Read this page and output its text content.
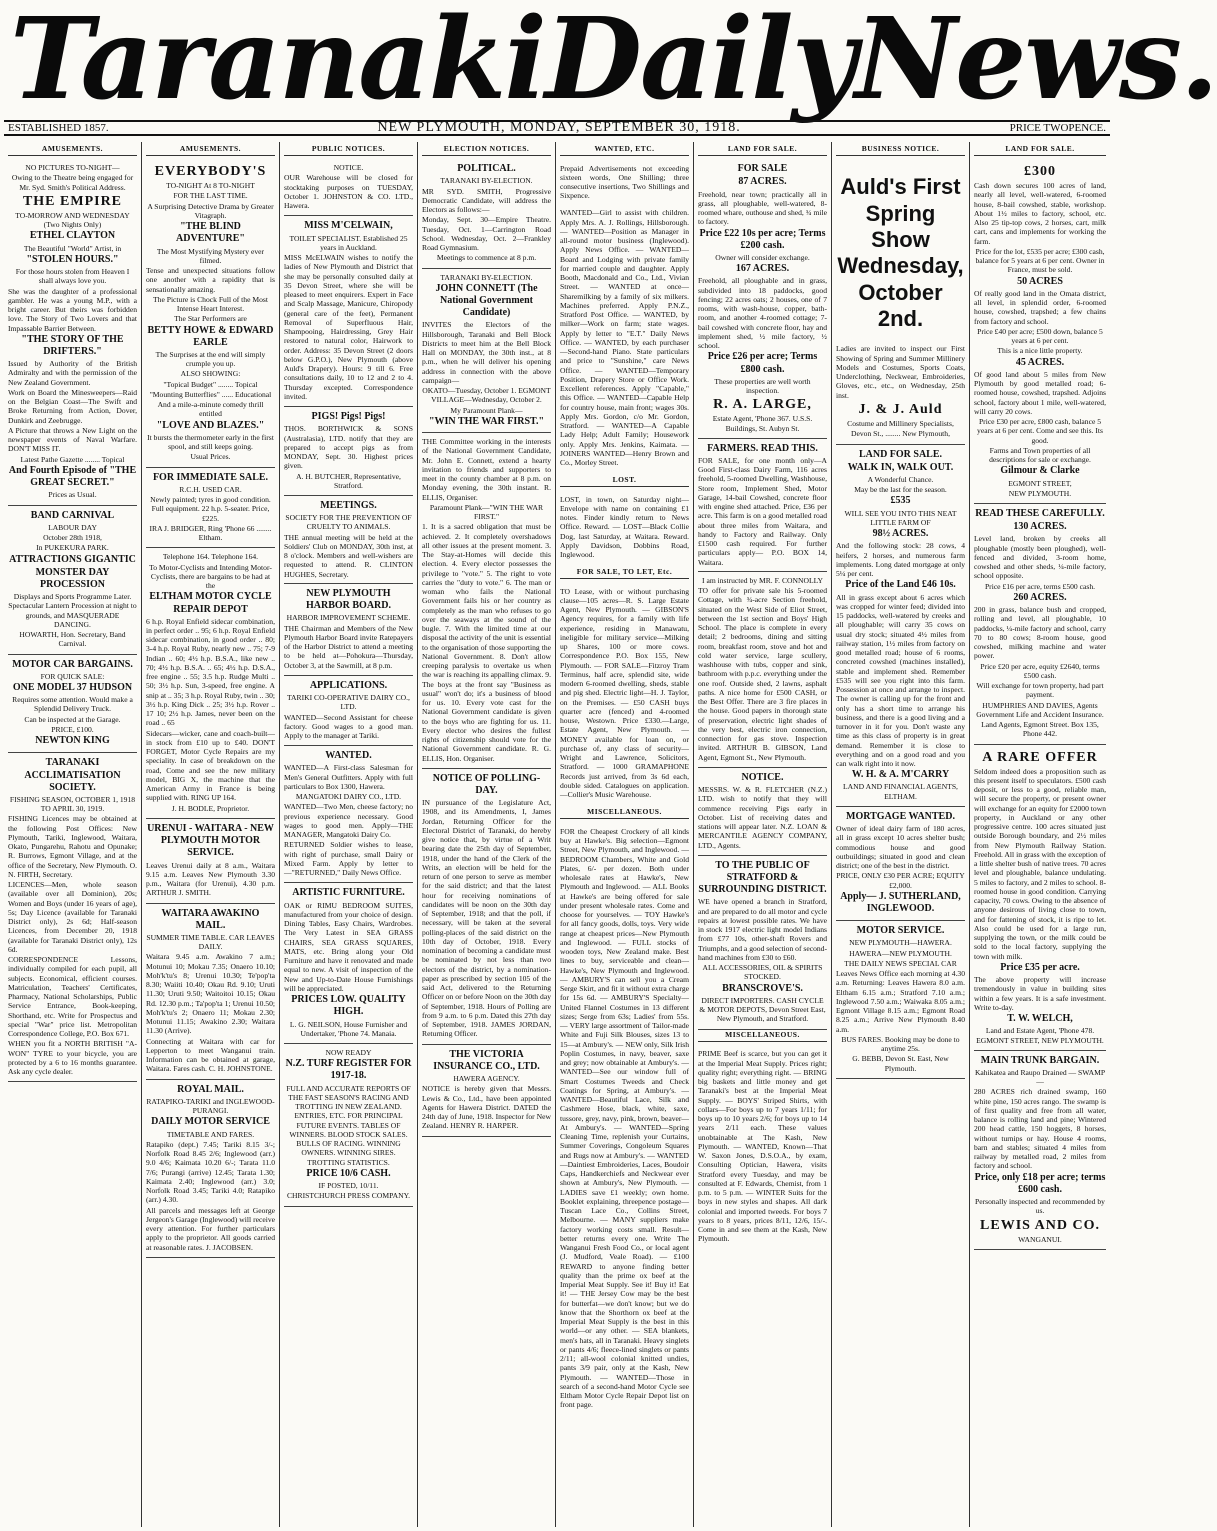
Taranaki Daily News.
ESTABLISHED 1857.	NEW PLYMOUTH, MONDAY, SEPTEMBER 30, 1918.	PRICE TWOPENCE.
AMUSEMENTS.

NO PICTURES TO-NIGHT—

Owing to the Theatre being engaged for Mr. Syd. Smith's Political Address.

THE EMPIRE

TO-MORROW AND WEDNESDAY (Two Nights Only)

ETHEL CLAYTON

The Beautiful "World" Artist, in

"STOLEN HOURS."

For those hours stolen from Heaven I shall always love you.

She was the daughter of a professional gambler. He was a young M.P., with a bright career. But theirs was forbidden love. The Story of Two Lovers and that Impassable Barrier Between.

"THE STORY OF THE DRIFTERS."

Issued by Authority of the British Admiralty and with the permission of the New Zealand Government.

Work on Board the Minesweepers—Raid on the Belgian Coast—The Swift and Broke Returning from Action, Dover, Dunkirk and Zeebrugge.

A Picture that throws a New Light on the newspaper events of Naval Warfare. DON'T MISS IT.

Latest Pathe Gazette ........ Topical

And Fourth Episode of "THE GREAT SECRET."

Prices as Usual.

BAND CARNIVAL

LABOUR DAY

October 28th 1918,

In PUKEKURA PARK.

ATTRACTIONS GIGANTIC

MONSTER DAY PROCESSION

Displays and Sports Programme Later. Spectacular Lantern Procession at night to grounds, and MASQUERADE DANCING.

HOWARTH, Hon. Secretary, Band Carnival.

MOTOR CAR BARGAINS.

FOR QUICK SALE:

ONE MODEL 37 HUDSON

Requires some attention. Would make a Splendid Delivery Truck.

Can be inspected at the Garage.

PRICE, £100.

NEWTON KING

TARANAKI ACCLIMATISATION SOCIETY.

FISHING SEASON, OCTOBER 1, 1918 TO APRIL 30, 1919.

FISHING Licences may be obtained at the following Post Offices: New Plymouth, Tariki, Inglewood, Waitara, Okato, Pungarehu, Rahotu and Opunake; R. Burrows, Egmont Village, and at the office of the Secretary, New Plymouth. O. N. FIRTH, Secretary.

LICENCES—Men, whole season (available over all Dominion), 20s; Women and Boys (under 16 years of age), 5s; Day Licence (available for Taranaki District only), 2s 6d; Half-season Licences, from December 20, 1918 (available for Taranaki District only), 12s 6d.

CORRESPONDENCE Lessons, individually compiled for each pupil, all subjects. Economical, efficient courses. Matriculation, Teachers' Certificates, Pharmacy, National Scholarships, Public Service Entrance, Book-keeping, Shorthand, etc. Write for Prospectus and special "War" price list. Metropolitan Correspondence College, P.O. Box 671.

WHEN you fit a NORTH BRITISH "A-WON" TYRE to your bicycle, you are protected by a 6 to 16 months guarantee. Ask any cycle dealer.

AMUSEMENTS.

EVERYBODY'S

TO-NIGHT At 8 TO-NIGHT

FOR THE LAST TIME.

A Surprising Detective Drama by Greater Vitagraph.

"THE BLIND ADVENTURE"

The Most Mystifying Mystery ever filmed.

Tense and unexpected situations follow one another with a rapidity that is sensationally amazing.

The Picture is Chock Full of the Most Intense Heart Interest.

The Star Performers are

BETTY HOWE & EDWARD EARLE

The Surprises at the end will simply crumple you up.

ALSO SHOWING:

"Topical Budget" ........ Topical

"Mounting Butterflies" ...... Educational

And a mile-a-minute comedy thrill entitled

"LOVE AND BLAZES."

It bursts the thermometer early in the first spool, and still keeps going.

Usual Prices.

FOR IMMEDIATE SALE.

R.C.H. USED CAR.

Newly painted; tyres in good condition. Full equipment. 22 h.p. 5-seater. Price, £225.

IRA J. BRIDGER, Ring 'Phone 66 ........ Eltham.

Telephone 164. Telephone 164.

To Motor-Cyclists and Intending Motor-Cyclists, there are bargains to be had at the

ELTHAM MOTOR CYCLE REPAIR DEPOT

6 h.p. Royal Enfield sidecar combination, in perfect order .. 95; 6 h.p. Royal Enfield sidecar combination, in good order .. 80; 3-4 h.p. Royal Ruby, nearly new .. 75; 7-9 Indian .. 60; 4½ h.p. B.S.A., like new .. 70; 4½ h.p. B.S.A. .. 65; 4½ h.p. D.S.A., free engine .. 55; 3.5 h.p. Rudge Multi .. 50; 3½ h.p. Sun, 3-speed, free engine. A snip at .. 35; 3 h.p. Royal Ruby, twin .. 30; 3½ h.p. King Dick .. 25; 3½ h.p. Rover .. 17 10; 2½ h.p. James, never been on the road .. 65

Sidecars—wicker, cane and coach-built—in stock from £10 up to £40. DON'T FORGET, Motor Cycle Repairs are my speciality. In case of breakdown on the road, Come and see the new military model, BIG X, the machine that the American Army in France is being supplied with. RING UP 164.

J. H. BODLE, Proprietor.

URENUI - WAITARA - NEW PLYMOUTH MOTOR SERVICE.

Leaves Urenui daily at 8 a.m., Waitara 9.15 a.m. Leaves New Plymouth 3.30 p.m., Waitara (for Urenui), 4.30 p.m. ARTHUR J. SMITH.

WAITARA AWAKINO MAIL.

SUMMER TIME TABLE. CAR LEAVES DAILY.

Waitara 9.45 a.m. Awakino 7 a.m.; Motunui 10; Mokau 7.35; Onaero 10.10; Moh'k'tu's 8; Urenui 10.30; Te'pop'ta 8.30; Waiiti 10.40; Okau Rd. 9.10; Uruti 11.30; Uruti 9.50; Waitoitoi 10.15; Okau Rd. 12.30 p.m.; Ta'pop'ta 1; Urenui 10.50; Moh'k'tu's 2; Onaero 11; Mokau 2.30; Motunui 11.15; Awakino 2.30; Waitara 11.30 (Arrive).

Connecting at Waitara with car for Lepperton to meet Wanganui train. Information can be obtained at garage, Waitara. Fares cash. C. H. JOHNSTONE.

ROYAL MAIL.

RATAPIKO-TARIKI and INGLEWOOD-PURANGI.

DAILY MOTOR SERVICE

TIMETABLE AND FARES.

Ratapiko (dept.) 7.45; Tariki 8.15 3/-; Norfolk Road 8.45 2/6; Inglewood (arr.) 9.0 4/6; Kaimata 10.20 6/-; Tarata 11.0 7/6; Purangi (arrive) 12.45; Tarata 1.30; Kaimata 2.40; Inglewood (arr.) 3.0; Norfolk Road 3.45; Tariki 4.0; Ratapiko (arr.) 4.30.

All parcels and messages left at George Jergeon's Garage (Inglewood) will receive every attention. For further particulars apply to the proprietor. All goods carried at reasonable rates. J. JACOBSEN.

PUBLIC NOTICES.

NOTICE.

OUR Warehouse will be closed for stocktaking purposes on TUESDAY, October 1. JOHNSTON & CO. LTD., Hawera.

MISS M'CELWAIN,

TOILET SPECIALIST. Established 25 years in Auckland.

MISS McELWAIN wishes to notify the ladies of New Plymouth and District that she may be personally consulted daily at 35 Devon Street, where she will be pleased to meet enquirers. Expert in Face and Scalp Massage, Manicure, Chiropody (general care of the feet), Permanent Removal of Superfluous Hair, Shampooing, Hairdressing, Grey Hair restored to natural color, Hairwork to order. Address: 35 Devon Street (2 doors below G.P.O.), New Plymouth (above Auld's Drapery). Hours: 9 till 6. Free consultations daily, 10 to 12 and 2 to 4. Thursday excepted. Correspondence invited.

PIGS! Pigs! Pigs!

THOS. BORTHWICK & SONS (Australasia), LTD. notify that they are prepared to accept pigs as from MONDAY, Sept. 30. Highest prices given.

A. H. BUTCHER, Representative, Stratford.

MEETINGS.

SOCIETY FOR THE PREVENTION OF CRUELTY TO ANIMALS.

THE annual meeting will be held at the Soldiers' Club on MONDAY, 30th inst, at 8 o'clock. Members and well-wishers are requested to attend. R. CLINTON HUGHES, Secretary.

NEW PLYMOUTH HARBOR BOARD.

HARBOR IMPROVEMENT SCHEME.

THE Chairman and Members of the New Plymouth Harbor Board invite Ratepayers of the Harbor District to attend a meeting to be held at—Pohokura—Thursday, October 3, at the Sawmill, at 8 p.m.

APPLICATIONS.

TARIKI CO-OPERATIVE DAIRY CO., LTD.

WANTED—Second Assistant for cheese factory. Good wages to a good man. Apply to the manager at Tariki.

WANTED.

WANTED—A First-class Salesman for Men's General Outfitters. Apply with full particulars to Box 1300, Hawera.

MANGATOKI DAIRY CO., LTD.

WANTED—Two Men, cheese factory; no previous experience necessary. Good wages to good men. Apply—THE MANAGER, Mangatoki Dairy Co.

RETURNED Soldier wishes to lease, with right of purchase, small Dairy or Mixed Farm. Apply by letter to—"RETURNED," Daily News Office.

ARTISTIC FURNITURE.

OAK or RIMU BEDROOM SUITES, manufactured from your choice of design. Dining Tables, Easy Chairs, Wardrobes. The Very Latest in SEA GRASS CHAIRS, SEA GRASS SQUARES, MATS, etc. Bring along your Old Furniture and have it renovated and made equal to new. A visit of inspection of the New and Up-to-Date House Furnishings will be appreciated.

PRICES LOW. QUALITY HIGH.

L. G. NEILSON, House Furnisher and Undertaker, 'Phone 74. Manaia.

NOW READY

N.Z. TURF REGISTER FOR 1917-18.

FULL AND ACCURATE REPORTS OF THE FAST SEASON'S RACING AND TROTTING IN NEW ZEALAND. ENTRIES, ETC. FOR PRINCIPAL FUTURE EVENTS. TABLES OF WINNERS. BLOOD STOCK SALES. BULLS OF RACING. WINNING OWNERS. WINNING SIRES. TROTTING STATISTICS.

PRICE 10/6 CASH.

IF POSTED, 10/11.

CHRISTCHURCH PRESS COMPANY.

ELECTION NOTICES.

POLITICAL.

TARANAKI BY-ELECTION.

MR SYD. SMITH, Progressive Democratic Candidate, will address the Electors as follows:—

Monday, Sept. 30—Empire Theatre. Tuesday, Oct. 1—Carrington Road School. Wednesday, Oct. 2—Frankley Road Gymnasium.

Meetings to commence at 8 p.m.

TARANAKI BY-ELECTION.

JOHN CONNETT (The National Government Candidate)

INVITES the Electors of the Hillsborough, Taranaki and Bell Block Districts to meet him at the Bell Block Hall on MONDAY, the 30th inst., at 8 p.m., when he will deliver his opening address in connection with the above campaign—

OKATO—Tuesday, October 1. EGMONT VILLAGE—Wednesday, October 2.

My Paramount Plank—

"WIN THE WAR FIRST."

THE Committee working in the interests of the National Government Candidate, Mr. John E. Connett, extend a hearty invitation to friends and supporters to meet in the county chamber at 8 p.m. on Monday evening, the 30th instant. R. ELLIS, Organiser.

Paramount Plank—"WIN THE WAR FIRST."

1. It is a sacred obligation that must be achieved. 2. It completely overshadows all other issues at the present moment. 3. The Stay-at-Homes will decide this election. 4. Every elector possesses the privilege to "vote." 5. The right to vote carries the "duty to vote." 6. The man or woman who fails the National Government fails his or her country as completely as the man who refuses to go over the seaways at the sound of the bugle. 7. With the limited time at our disposal the activity of the unit is essential to the organisation of those supporting the National Government. 8. Don't allow creeping paralysis to overtake us when the war is reaching its appalling climax. 9. The boys at the front say "Business as usual" won't do; it's a business of blood for us. 10. Every vote cast for the National Government candidate is given to the boys who are fighting for us. 11. Every elector who desires the fullest rights of citizenship should vote for the National Government candidate. R. G. ELLIS, Hon. Organiser.

NOTICE OF POLLING-DAY.

IN pursuance of the Legislature Act, 1908, and its Amendments, I, James Jordan, Returning Officer for the Electoral District of Taranaki, do hereby give notice that, by virtue of a Writ bearing date the 25th day of September, 1918, under the hand of the Clerk of the Writs, an election will be held for the return of one person to serve as member for the said district; and that the latest hour for receiving nominations of candidates will be noon on the 30th day of September, 1918; and that the poll, if necessary, will be taken at the several polling-places of the said district on the 10th day of October, 1918. Every nomination of becoming a candidate must be nominated by not less than two electors of the district, by a nomination-paper as prescribed by section 105 of the said Act, delivered to the Returning Officer on or before Noon on the 30th day of September, 1918. Hours of Polling are from 9 a.m. to 6 p.m. Dated this 27th day of September, 1918. JAMES JORDAN, Returning Officer.

THE VICTORIA INSURANCE CO., LTD.

HAWERA AGENCY.

NOTICE is hereby given that Messrs. Lewis & Co., Ltd., have been appointed Agents for Hawera District. DATED the 24th day of June, 1918. Inspector for New Zealand. HENRY R. HARPER.

WANTED, ETC.

Prepaid Advertisements not exceeding sixteen words, One Shilling; three consecutive insertions, Two Shillings and Sixpence.

WANTED—Girl to assist with children. Apply Mrs. A. J. Rollings, Hillsborough. — WANTED—Position as Manager in all-round motor business (Inglewood). Apply News Office. — WANTED—Board and Lodging with private family for married couple and daughter. Apply Booth, Macdonald and Co., Ltd., Vivian Street. — WANTED at once—Sharemilking by a family of six milkers. Machines preferred. Apply P.N.Z., Stratford Post Office. — WANTED, by milker—Work on farm; state wages. Apply by letter to "E.T." Daily News Office. — WANTED, by each purchaser—Second-hand Piano. State particulars and price to "Sunshine," care News Office. — WANTED—Temporary Position, Drapery Store or Office Work. Excellent references. Apply "Capable," this Office. — WANTED—Capable Help for country house, main front; wages 30s. Apply Mrs. Gordon, c/o Mr. Gordon, Stratford. — WANTED—A Capable Lady Help; Adult Family; Housework only. Apply Mrs. Jenkins, Kaimata. — JOINERS WANTED—Henry Brown and Co., Morley Street.

LOST.

LOST, in town, on Saturday night—Envelope with name on containing £1 notes. Finder kindly return to News Office. Reward. — LOST—Black Collie Dog, last Saturday, at Waitara. Reward. Apply Davidson, Dobbins Road, Inglewood.

FOR SALE, TO LET, Etc.

TO Lease, with or without purchasing clause—105 acres—R. S. Large Estate Agent, New Plymouth. — GIBSON'S Agency requires, for a family with life experience, residing in Manawatu, ineligible for military service—Milking up Shares, 100 or more cows. Correspondence P.O. Box 155, New Plymouth. — FOR SALE—Fitzroy Tram Terminus, half acre, splendid site, wide modern 6-roomed dwelling, sheds, stable and pig shed. Electric light—H. J. Taylor, on the Premises. — £50 CASH buys quarter acre (fenced) and 4-roomed house, Westown. Price £330.—Large, Estate Agent, New Plymouth. — MONEY available for loan on, or purchase of, any class of security—Wright and Lawrence, Solicitors, Stratford. — 1000 GRAMAPHONE Records just arrived, from 3s 6d each, double sided. Catalogues on application.—Collier's Music Warehouse.

MISCELLANEOUS.

FOR the Cheapest Crockery of all kinds buy at Hawke's. Big selection—Egmont Street, New Plymouth, and Inglewood. — BEDROOM Chambers, White and Gold Plates, 6/- per dozen. Both under wholesale rates at Hawke's, New Plymouth and Inglewood. — ALL Books at Hawke's are being offered for sale under present wholesale rates. Come and choose for yourselves. — TOY Hawke's for all fancy goods, dolls, toys. Very wide range at cheapest prices—New Plymouth and Inglewood. — FULL stocks of wooden toys, New Zealand make. Best lines to buy, serviceable and clean—Hawke's, New Plymouth and Inglewood. — AMBURY'S can sell you a Cream Serge Skirt, and fit it without extra charge for 15s 6d. — AMBURY'S Specialty—United Flannel Costumes in 13 different sizes; Serge from 63s; Ladies' from 55s. — VERY large assortment of Tailor-made White and Fuji Silk Blouses, sizes 13 to 15—at Ambury's. — NEW only, Silk Irish Poplin Costumes, in navy, beaver, saxe and grey; now obtainable at Ambury's. — WANTED—See our window full of Smart Costumes Tweeds and Check Coatings for Spring, at Ambury's. — WANTED—Beautiful Lace, Silk and Cashmere Hose, black, white, saxe, tussore, grey, navy, pink, brown, beaver—At Ambury's. — WANTED—Spring Cleaning Time, replenish your Curtains, Summer Coverings, Congoleum Squares and Rugs now at Ambury's. — WANTED—Daintiest Embroideries, Laces, Boudoir Caps, Handkerchiefs and Neckwear ever shown at Ambury's, New Plymouth. — LADIES save £1 weekly; own home. Booklet explaining, threepence postage—Tuscan Lace Co., Collins Street, Melbourne. — MANY suppliers make factory working costs small. Result—better returns every one. Write The Wanganui Fresh Food Co., or local agent (J. Mudford, Veale Road). — £100 REWARD to anyone finding better quality than the prime ox beef at the Imperial Meat Supply. See it! Buy it! Eat it! — THE Jersey Cow may be the best for butterfat—we don't know; but we do know that the Shorthorn ox beef at the Imperial Meat Supply is the best in this world—or any other. — SEA blankets, men's hats, all in Taranaki. Heavy singlets or pants 4/6; fleece-lined singlets or pants 2/11; all-wool colonial knitted undies, pants 3/9 pair, only at the Kash, New Plymouth. — WANTED—Those in search of a second-hand Motor Cycle see Eltham Motor Cycle Repair Depot list on front page.

LAND FOR SALE.

FOR SALE

87 ACRES.

Freehold, near town; practically all in grass, all ploughable, well-watered, 8-roomed whare, outhouse and shed, ¾ mile to factory.

Price £22 10s per acre; Terms £200 cash.

Owner will consider exchange.

167 ACRES.

Freehold, all ploughable and in grass, subdivided into 18 paddocks, good fencing; 22 acres oats; 2 houses, one of 7 rooms, with wash-house, copper, bath-room, and another 4-roomed cottage; 7-bail cowshed with concrete floor, hay and implement shed, ½ mile factory, ½ school.

Price £26 per acre; Terms £800 cash.

These properties are well worth inspection.

R. A. LARGE,

Estate Agent, 'Phone 367. U.S.S. Buildings, St. Aubyn St.

FARMERS. READ THIS.

FOR SALE, for one month only—A Good First-class Dairy Farm, 116 acres freehold, 5-roomed Dwelling, Washhouse, Store room, Implement Shed, Motor Garage, 14-bail Cowshed, concrete floor with engine shed attached. Price, £36 per acre. This farm is on a good metalled road about three miles from Waitara, and handy to Factory and Railway. Only £1500 cash required. For further particulars apply— P.O. BOX 14, Waitara.

I am instructed by MR. F. CONNOLLY

TO offer for private sale his 5-roomed Cottage, with ¾-acre Section freehold, situated on the West Side of Eliot Street, between the 1st section and Boys' High School. The place is complete in every detail; 2 bedrooms, dining and sitting room, breakfast room, stove and hot and cold water service, large scullery, washhouse with tubs, copper and sink, bathroom with p.p.c. everything under the one roof. Outside shed, 2 lawns, asphalt paths. A nice home for £500 CASH, or the Best Offer. There are 3 fire places in the house. Good papers in thorough state of preservation, electric light shades of the very best, electric iron connection, connection for gas stove. Inspection invited. ARTHUR B. GIBSON, Land Agent, Egmont St., New Plymouth.

NOTICE.

MESSRS. W. & R. FLETCHER (N.Z.) LTD. wish to notify that they will commence receiving Pigs early in October. List of receiving dates and stations will appear later. N.Z. LOAN & MERCANTILE AGENCY COMPANY, LTD., Agents.

TO THE PUBLIC OF STRATFORD & SURROUNDING DISTRICT.

WE have opened a branch in Stratford, and are prepared to do all motor and cycle repairs at lowest possible rates. We have in stock 1917 electric light model Indians from £77 10s, other-shaft Rovers and Triumphs, and a good selection of second-hand machines from £30 to £60.

ALL ACCESSORIES, OIL & SPIRITS STOCKED.

BRANSCROVE'S.

DIRECT IMPORTERS. CASH CYCLE & MOTOR DEPOTS, Devon Street East, New Plymouth, and Stratford.

MISCELLANEOUS.

PRIME Beef is scarce, but you can get it at the Imperial Meat Supply. Prices right; quality right; everything right. — BRING big baskets and little money and get Taranaki's best at the Imperial Meat Supply. — BOYS' Striped Shirts, with collars—For boys up to 7 years 1/11; for boys up to 10 years 2/6; for boys up to 14 years 2/11 each. These values unobtainable at The Kash, New Plymouth. — WANTED, Known—That W. Saxon Jones, D.S.O.A., by exam, Consulting Optician, Hawera, visits Stratford every Tuesday, and may be consulted at F. Edwards, Chemist, from 1 p.m. to 5 p.m. — WINTER Suits for the boys in new styles and shapes. All dark colonial and imported tweeds. For boys 7 years to 8 years, prices 8/11, 12/6, 15/-. Come in and see them at the Kash, New Plymouth.

BUSINESS NOTICE.
Auld's First Spring Show Wednesday, October 2nd.

Ladies are invited to inspect our First Showing of Spring and Summer Millinery Models and Costumes, Sports Coats, Underclothing, Neckwear, Embroideries, Gloves, etc., etc., on Wednesday, 25th inst.

J. & J. Auld

Costume and Millinery Specialists,

Devon St., ........ New Plymouth,

LAND FOR SALE.

WALK IN, WALK OUT.

A Wonderful Chance.

May be the last for the season.

£535

WILL SEE YOU INTO THIS NEAT LITTLE FARM OF

98½ ACRES.

And the following stock: 28 cows, 4 heifers, 2 horses, and numerous farm implements. Long dated mortgage at only 5¼ per cent.

Price of the Land £46 10s.

All in grass except about 6 acres which was cropped for winter feed; divided into 15 paddocks, well-watered by creeks and all ploughable; will carry 35 cows on usual dry stock; situated 4½ miles from railway station, 1½ miles from factory on good metalled road; house of 6 rooms, concreted cowshed (machines installed), stable and implement shed. Remember £535 will see you right into this farm. Possession at once and arrange to inspect. The owner is calling up for the front and only has a short time to arrange his business, and there is a good living and a turnover in it for you. Don't waste any time as this class of property is in great demand. Remember it is close to everything and on a good road and you can walk right into it now.

W. H. & A. M'CARRY

LAND AND FINANCIAL AGENTS, ELTHAM.

MORTGAGE WANTED.

Owner of ideal dairy farm of 180 acres, all in grass except 10 acres shelter bush; commodious house and good outbuildings; situated in good and clean district; one of the best in the district.

PRICE, ONLY £30 PER ACRE; EQUITY £2,000.

Apply— J. SUTHERLAND, INGLEWOOD.

MOTOR SERVICE.

NEW PLYMOUTH—HAWERA.

HAWERA—NEW PLYMOUTH.

THE DAILY NEWS SPECIAL CAR

Leaves News Office each morning at 4.30 a.m. Returning: Leaves Hawera 8.0 a.m. Eltham 6.15 a.m.; Stratford 7.10 a.m.; Inglewood 7.50 a.m.; Waiwaka 8.05 a.m.; Egmont Village 8.15 a.m.; Egmont Road 8.25 a.m.; Arrive New Plymouth 8.40 a.m.

BUS FARES. Booking may be done to anytime 25s.

G. BEBB, Devon St. East, New Plymouth.

LAND FOR SALE.

£300

Cash down secures 100 acres of land, nearly all level, well-watered, 6-roomed house, 8-bail cowshed, stable, workshop. About 1½ miles to factory, school, etc. Also 25 tip-top cows, 2 horses, cart, milk cart, cans and implements for working the farm.

Price for the lot, £535 per acre; £300 cash, balance for 5 years at 6 per cent. Owner in France, must be sold.

50 ACRES

Of really good land in the Omata district, all level, in splendid order, 6-roomed house, cowshed, trapshed; a few chains from factory and school.

Price £40 per acre; £500 down, balance 5 years at 6 per cent.

This is a nice little property.

45 ACRES.

Of good land about 5 miles from New Plymouth by good metalled road; 6-roomed house, cowshed, trapshed. Adjoins school, factory about 1 mile, well-watered, will carry 20 cows.

Price £30 per acre, £800 cash, balance 5 years at 6 per cent. Come and see this. Its good.

Farms and Town properties of all descriptions for sale or exchange.

Gilmour & Clarke

EGMONT STREET,

NEW PLYMOUTH.

READ THESE CAREFULLY.

130 ACRES.

Level land, broken by creeks all ploughable (mostly been ploughed), well-fenced and divided, 3-room home, cowshed and other sheds, ¼-mile factory, school opposite.

Price £16 per acre, terms £500 cash.

260 ACRES.

200 in grass, balance bush and cropped, rolling and level, all ploughable, 10 paddocks, ¼-mile factory and school, carry 70 to 80 cows; 8-room house, good cowshed, milking machine and water power.

Price £20 per acre, equity £2640, terms £500 cash.

Will exchange for town property, had part payment.

HUMPHRIES AND DAVIES, Agents Government Life and Accident Insurance.

Land Agents, Egmont Street. Box 135, Phone 442.

A RARE OFFER

Seldom indeed does a proposition such as this present itself to speculators. £500 cash deposit, or less to a good, reliable man, will secure the property, or present owner will exchange for an equity for £2000 town property, in Auckland or any other progressive centre. 100 acres situated just outside Borough boundary, and 2½ miles from New Plymouth Railway Station. Freehold. All in grass with the exception of a little shelter bush of native trees. 70 acres level and ploughable, balance undulating. 5 miles to factory, and 2 miles to school. 8-roomed house in good condition. Carrying capacity, 70 cows. Owing to the absence of anyone desirous of living close to town, and for fattening of stock, it is ripe to let. Also could be used for a large run, supplying the town, or the milk could be sold to the local factory, supplying the town with milk.

Price £35 per acre.

The above property will increase tremendously in value in building sites within a few years. It is a safe investment. Write to-day.

T. W. WELCH,

Land and Estate Agent, 'Phone 478. EGMONT STREET, NEW PLYMOUTH.

MAIN TRUNK BARGAIN.

Kahikatea and Raupo Drained — SWAMP —

280 ACRES rich drained swamp, 160 white pine, 150 acres rango. The swamp is of first quality and free from all water, balance is rolling land and pine; Wintered 200 head cattle, 150 hoggets, 8 horses, without turnips or hay. House 4 rooms, barn and stables; situated 4 miles from railway by metalled road, 2 miles from factory and school.

Price, only £18 per acre; terms £600 cash.

Personally inspected and recommended by us.

LEWIS AND CO.

WANGANUI.
